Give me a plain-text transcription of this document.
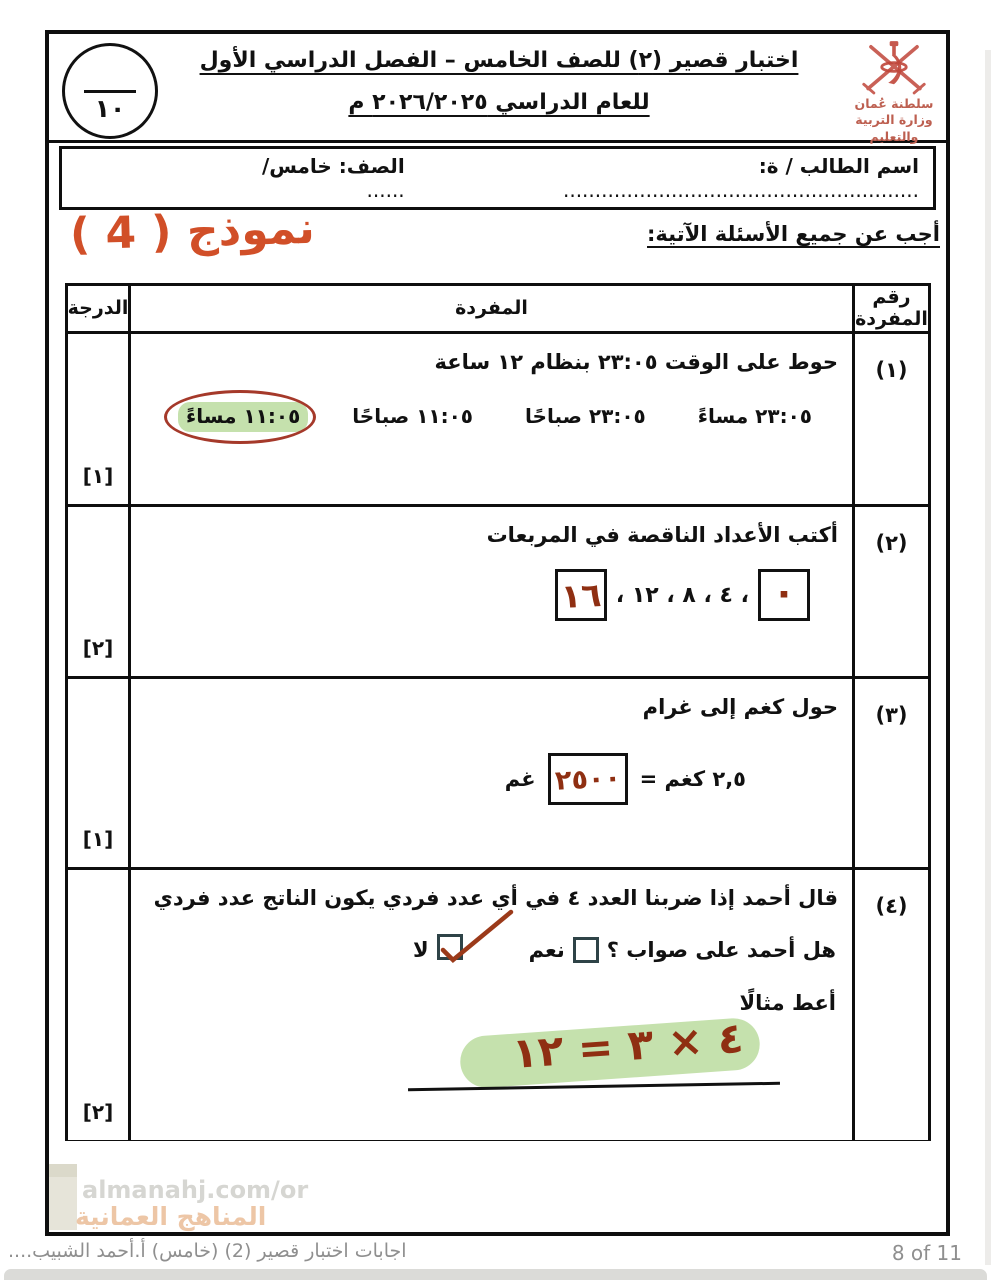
١٠
اختبار قصير (٢) للصف الخامس – الفصل الدراسي الأول
للعام الدراسي ٢٠٢٦/٢٠٢٥ م	سلطنة عُمان
وزارة التربية والتعليم
اسم الطالب / ة: ........................................................
الصف: خامس/ ......
أجب عن جميع الأسئلة الآتية:
نموذج ( 4 )
رقم المفردة
المفردة
الدرجة
(١)
حوط على الوقت ٢٣:٠٥ بنظام ١٢ ساعة
٢٣:٠٥ مساءً
٢٣:٠٥ صباحًا
١١:٠٥ صباحًا
١١:٠٥ مساءً
[١]
(٢)
أكتب الأعداد الناقصة في المربعات
٠
، ٤ ، ٨ ، ١٢ ،
١٦
[٢]
(٣)
حول كغم إلى غرام
٢,٥ كغم =
٢٥٠٠
غم
[١]
(٤)
قال أحمد إذا ضربنا العدد ٤ في أي عدد فردي يكون الناتج عدد فردي
هل أحمد على صواب ؟
نعم
لا
أعط مثالًا
٤ × ٣ = ١٢
[٢]
almanahj.com/or
المناهج العمانية
اجابات اختبار قصير (2) (خامس) أ.أحمد الشبيب....	8 of 11
